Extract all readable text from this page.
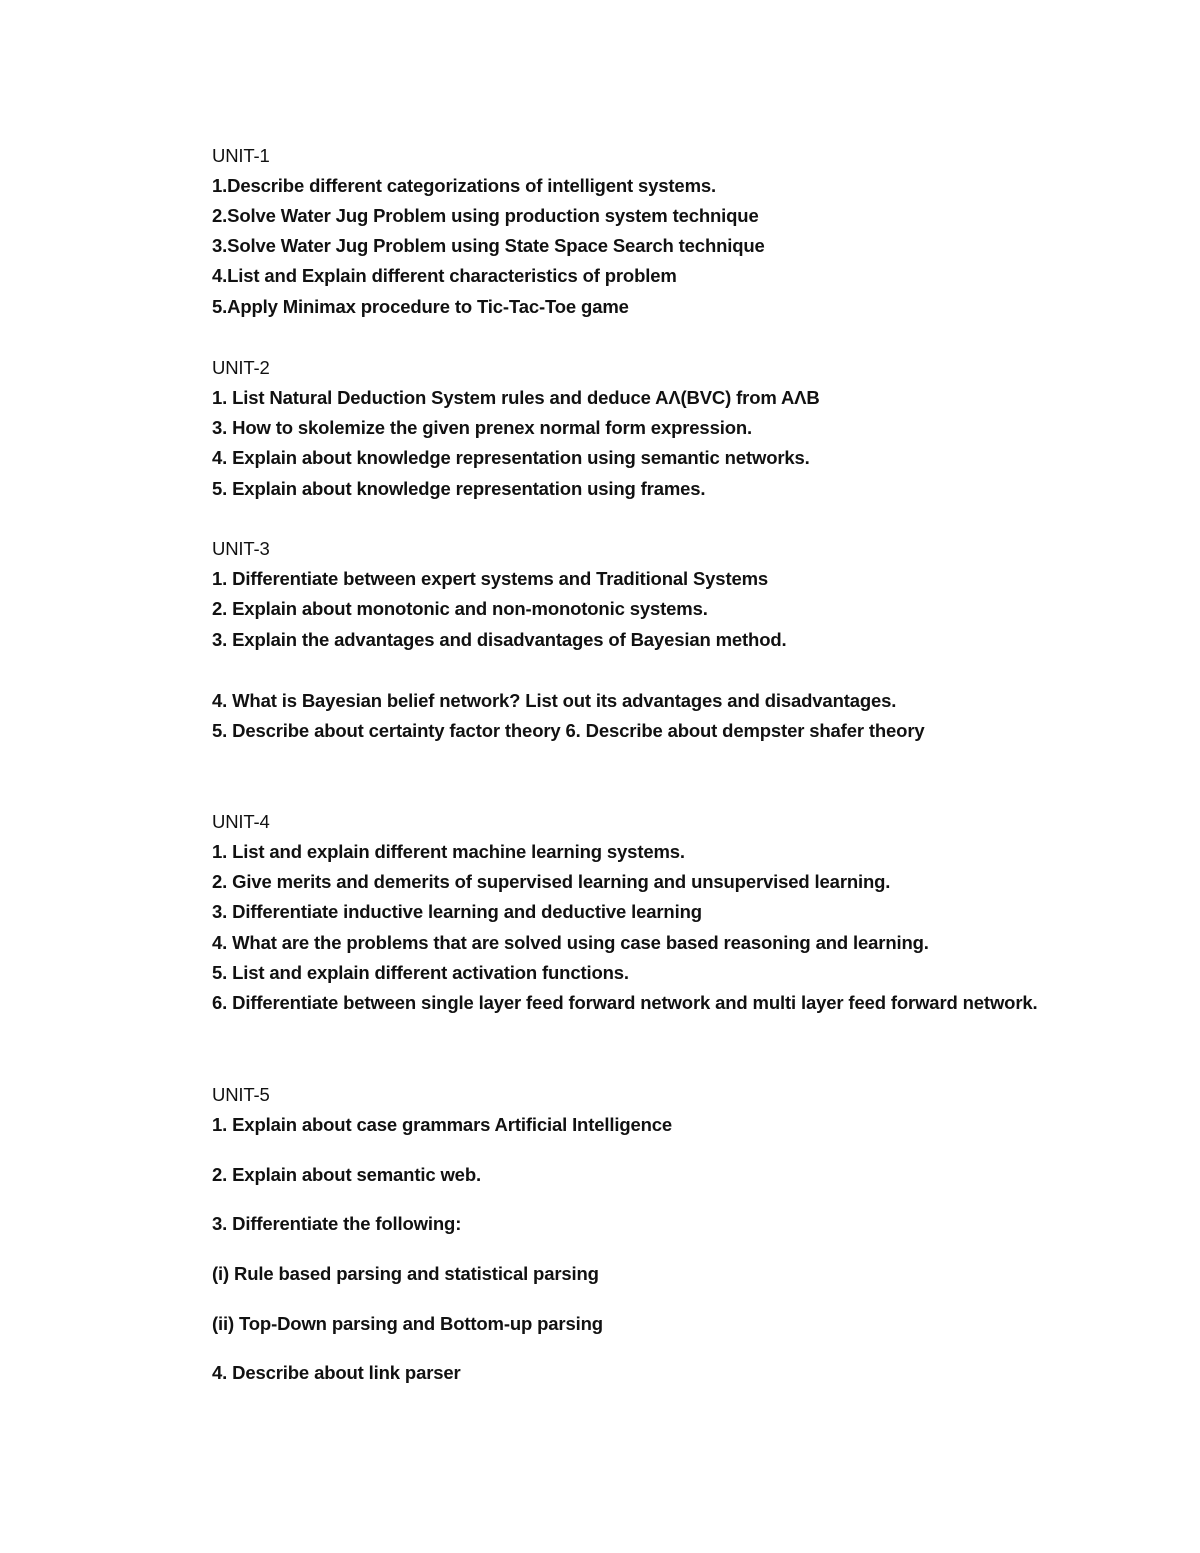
UNIT-1
1.Describe different categorizations of intelligent systems.
2.Solve Water Jug Problem using production system technique
3.Solve Water Jug Problem using State Space Search technique
4.List and Explain different characteristics of problem
5.Apply Minimax procedure to Tic-Tac-Toe game
UNIT-2
1. List Natural Deduction System rules and deduce AΛ(BVC) from AΛB
3. How to skolemize the given prenex normal form expression.
4. Explain about knowledge representation using semantic networks.
5. Explain about knowledge representation using frames.
UNIT-3
1. Differentiate between expert systems and Traditional Systems
2. Explain about monotonic and non-monotonic systems.
3. Explain the advantages and disadvantages of Bayesian method.
4. What is Bayesian belief network? List out its advantages and disadvantages.
5. Describe about certainty factor theory 6. Describe about dempster shafer theory
UNIT-4
1. List and explain different machine learning systems.
2. Give merits and demerits of supervised learning and unsupervised learning.
3. Differentiate inductive learning and deductive learning
4. What are the problems that are solved using case based reasoning and learning.
5. List and explain different activation functions.
6. Differentiate between single layer feed forward network and multi layer feed forward network.
UNIT-5
1. Explain about case grammars Artificial Intelligence
2. Explain about semantic web.
3. Differentiate the following:
(i) Rule based parsing and statistical parsing
(ii) Top-Down parsing and Bottom-up parsing
4. Describe about link parser
